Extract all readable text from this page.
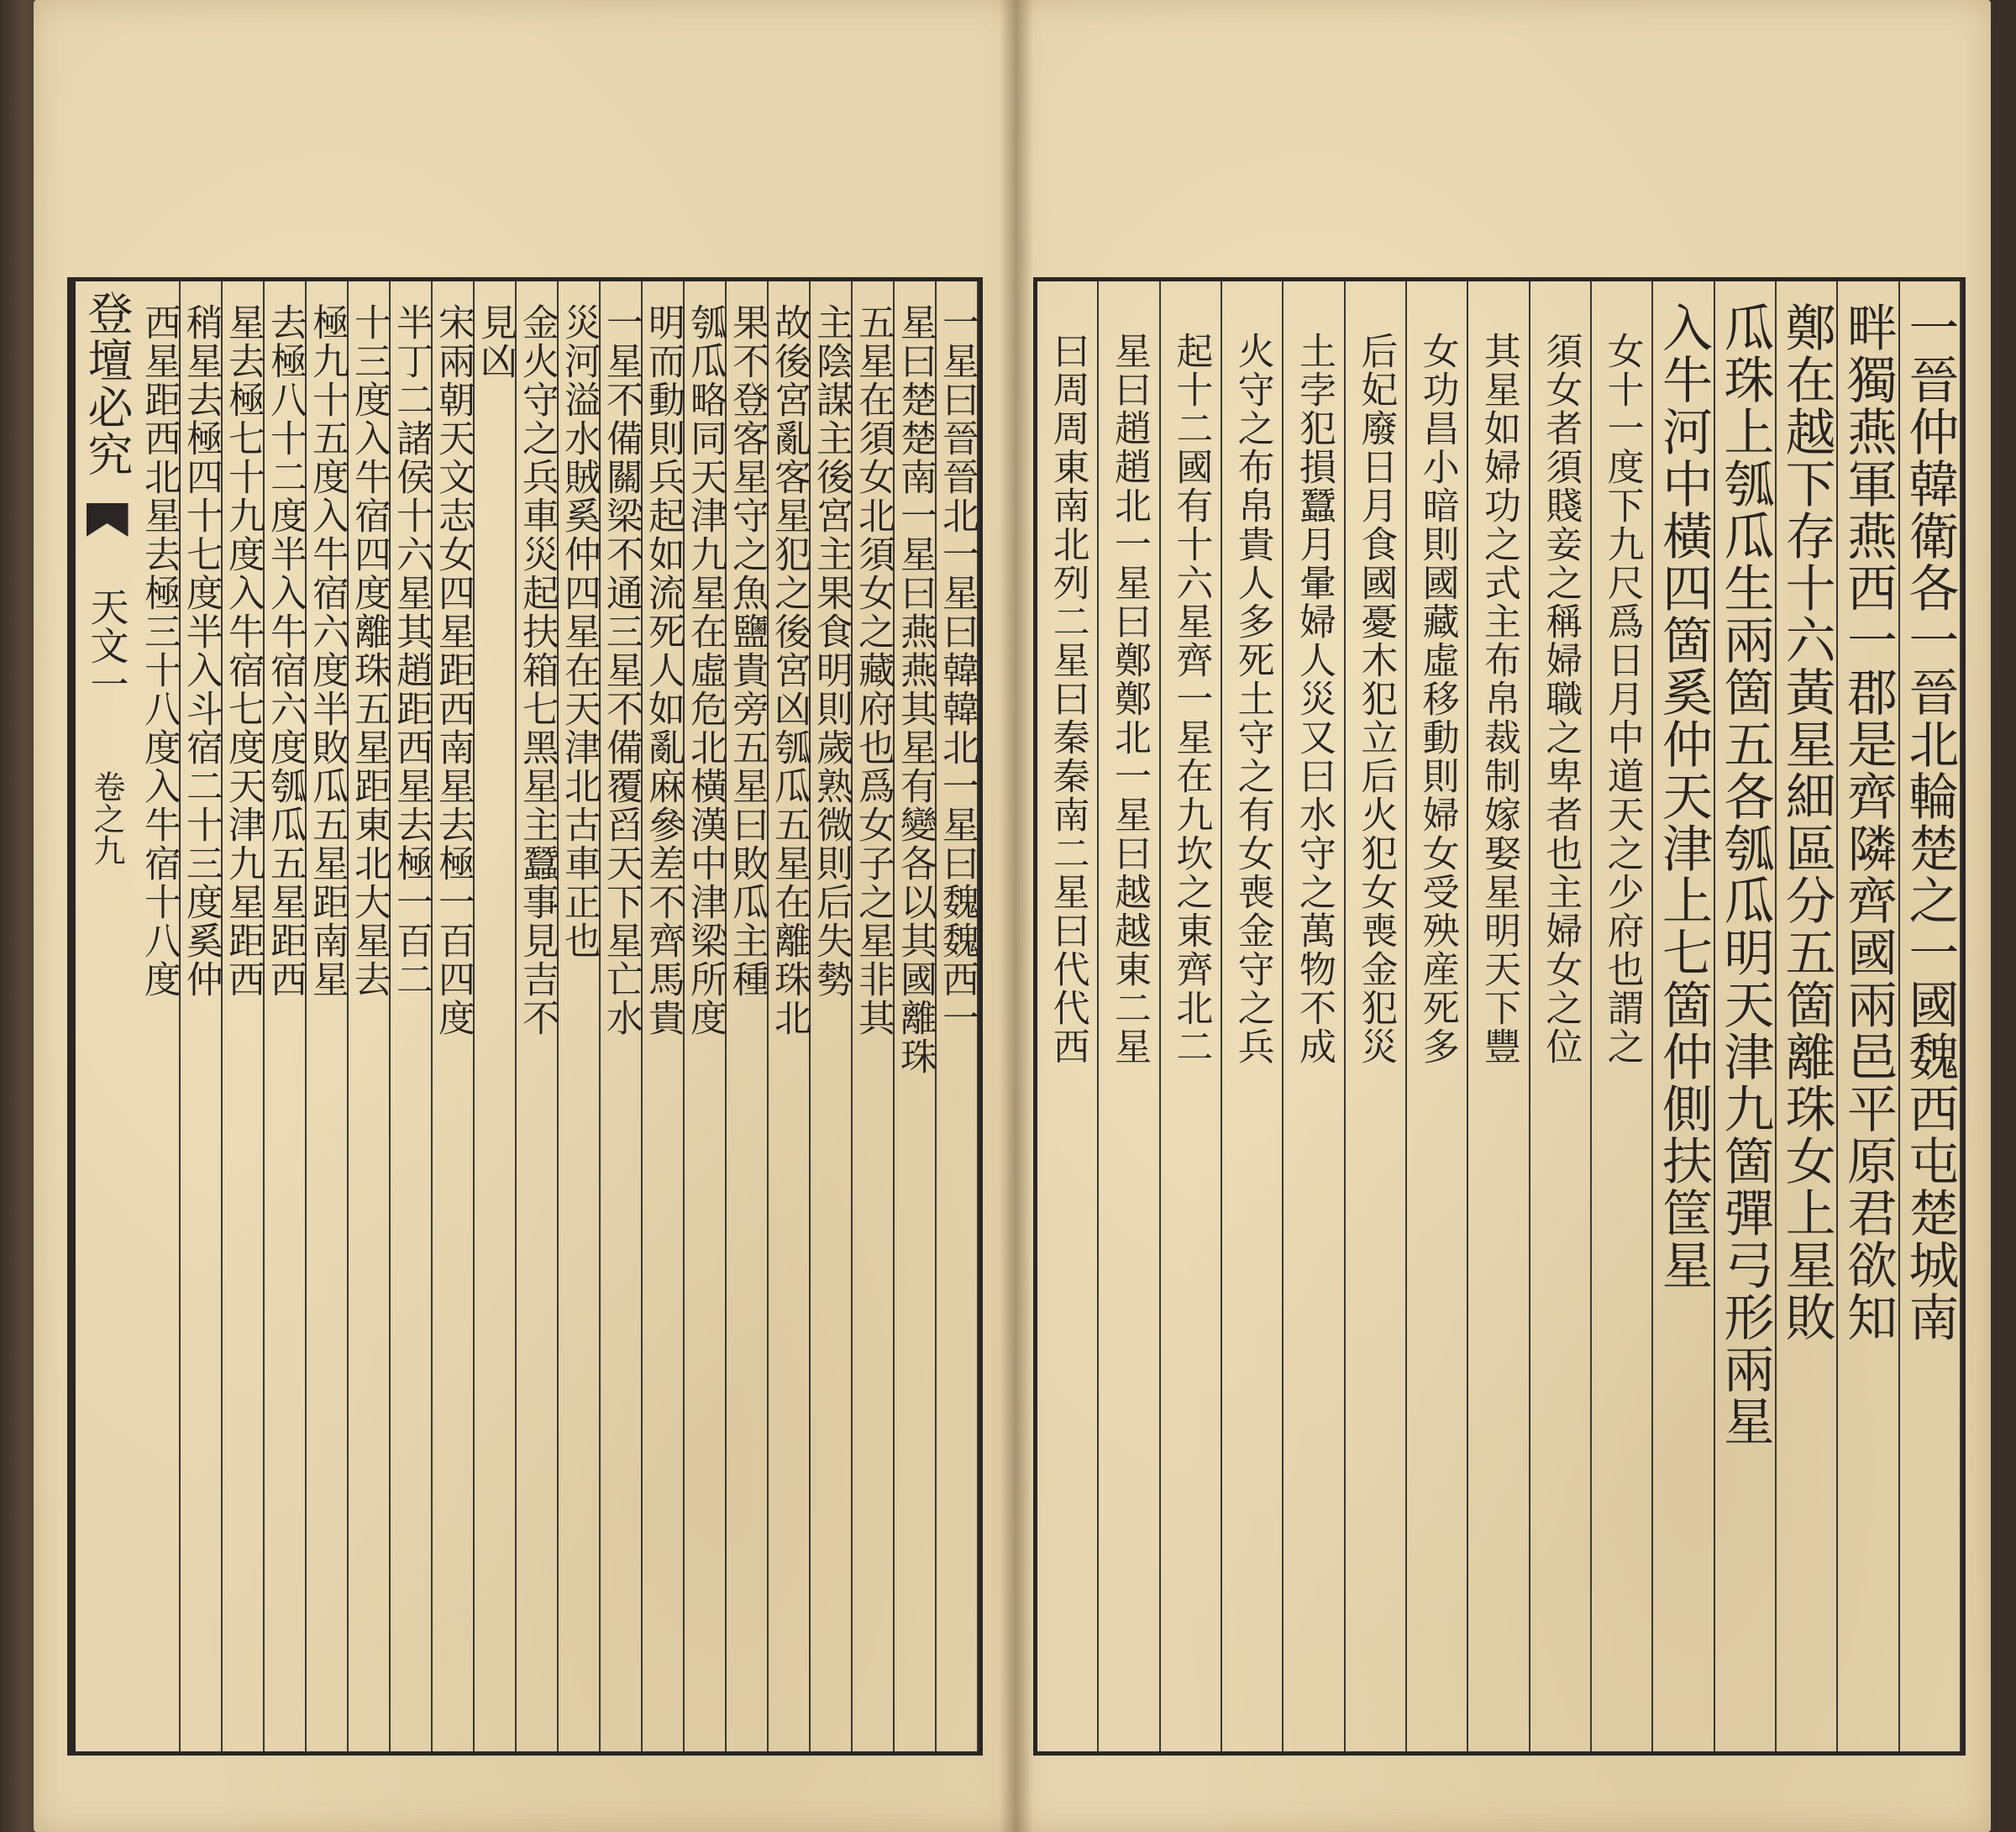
一星曰晉晉北一星曰韓韓北一星曰魏魏西一
星曰楚楚南一星曰燕燕其星有變各以其國離珠
五星在須女北須女之藏府也爲女子之星非其
主陰謀主後宮主果食明則歲熟微則后失勢
故後宮亂客星犯之後宮凶瓠瓜五星在離珠北
果不登客星守之魚鹽貴旁五星曰敗瓜主種
瓠瓜略同天津九星在虛危北橫漢中津梁所度
明而動則兵起如流死人如亂麻參差不齊馬貴
一星不備關梁不通三星不備覆舀天下星亡水
災河溢水賊奚仲四星在天津北古車正也
金火守之兵車災起扶箱七黑星主蠶事見吉不
見凶
宋兩朝天文志女四星距西南星去極一百四度
半丁二諸侯十六星其趙距西星去極一百二
十三度入牛宿四度離珠五星距東北大星去
極九十五度入牛宿六度半敗瓜五星距南星
去極八十二度半入牛宿六度瓠瓜五星距西
星去極七十九度入牛宿七度天津九星距西
稍星去極四十七度半入斗宿二十三度奚仲
西星距西北星去極三十八度入牛宿十八度
登壇必究
天文一
卷之九	一晉仲韓衛各一晉北輪楚之一國魏西屯楚城南
畔獨燕軍燕西一郡是齊隣齊國兩邑平原君欲知
鄭在越下存十六黃星細區分五箇離珠女上星敗
瓜珠上瓠瓜生兩箇五各瓠瓜明天津九箇彈弓形兩星
入牛河中橫四箇奚仲天津上七箇仲側扶筐星
女十一度下九尺爲日月中道天之少府也謂之
須女者須賤妾之稱婦職之卑者也主婦女之位
其星如婦功之式主布帛裁制嫁娶星明天下豐
女功昌小暗則國藏虛移動則婦女受殃産死多
后妃廢日月食國憂木犯立后火犯女喪金犯災
土孛犯損蠶月暈婦人災又曰水守之萬物不成
火守之布帛貴人多死土守之有女喪金守之兵
起十二國有十六星齊一星在九坎之東齊北二
星曰趙趙北一星曰鄭鄭北一星曰越越東二星
曰周周東南北列二星曰秦秦南二星曰代代西
